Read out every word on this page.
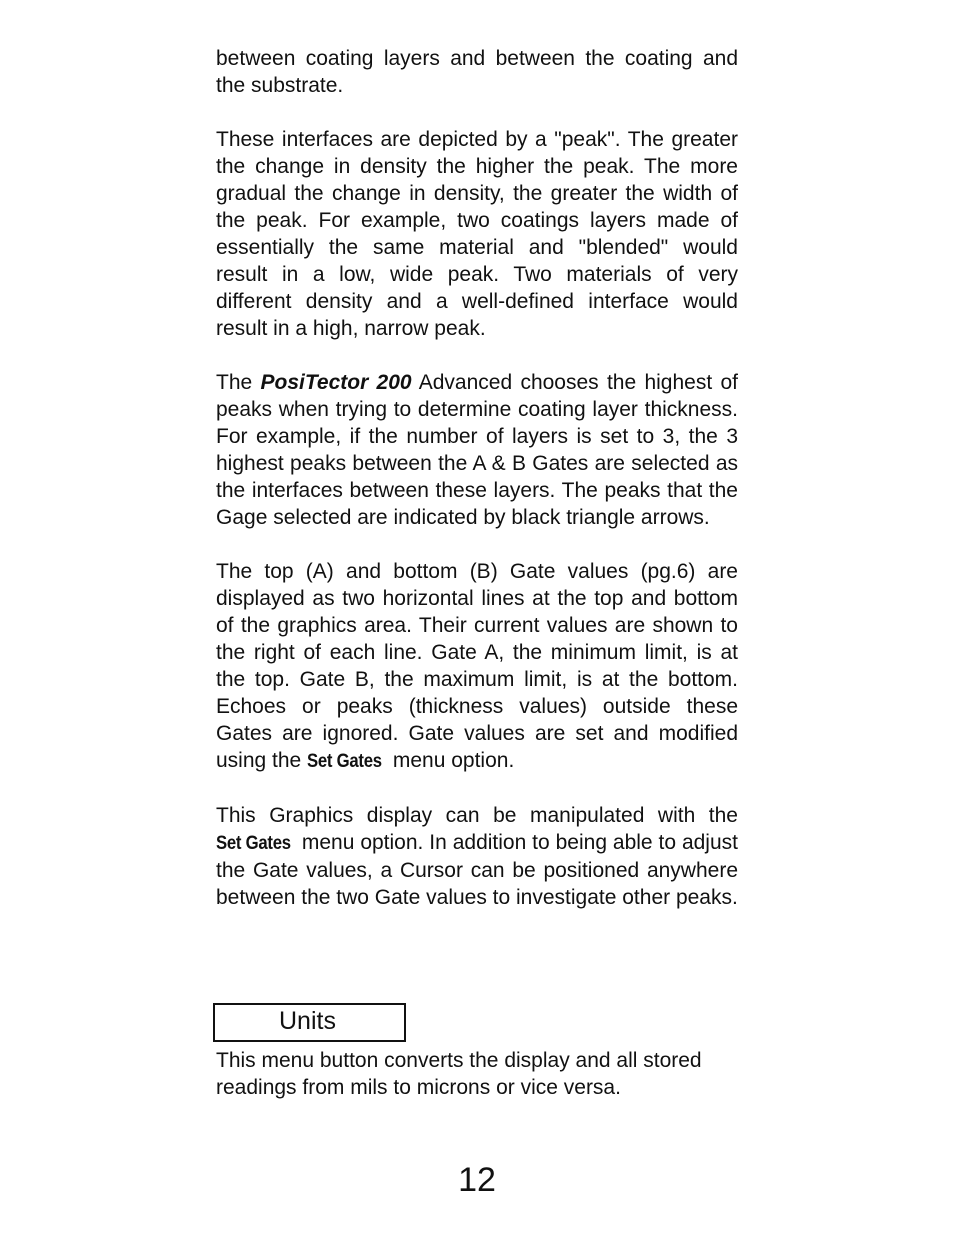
between coating layers and between the coating and the substrate.

These interfaces are depicted by a "peak". The greater the change in density the higher the peak. The more gradual the change in density, the greater the width of the peak. For example, two coatings layers made of essentially the same material and "blended" would result in a low, wide peak. Two materials of very different density and a well-defined interface would result in a high, narrow peak.

The PosiTector 200 Advanced chooses the highest of peaks when trying to determine coating layer thickness. For example, if the number of layers is set to 3, the 3 highest peaks between the A & B Gates are selected as the interfaces between these layers. The peaks that the Gage selected are indicated by black triangle arrows.

The top (A) and bottom (B) Gate values (pg.6) are displayed as two horizontal lines at the top and bottom of the graphics area. Their current values are shown to the right of each line. Gate A, the minimum limit, is at the top. Gate B, the maximum limit, is at the bottom. Echoes or peaks (thickness values) outside these Gates are ignored. Gate values are set and modified using the Set Gates menu option.

This Graphics display can be manipulated with the Set Gates menu option. In addition to being able to adjust the Gate values, a Cursor can be positioned anywhere between the two Gate values to investigate other peaks.

Units

This menu button converts the display and all stored readings from mils to microns or vice versa.

12
